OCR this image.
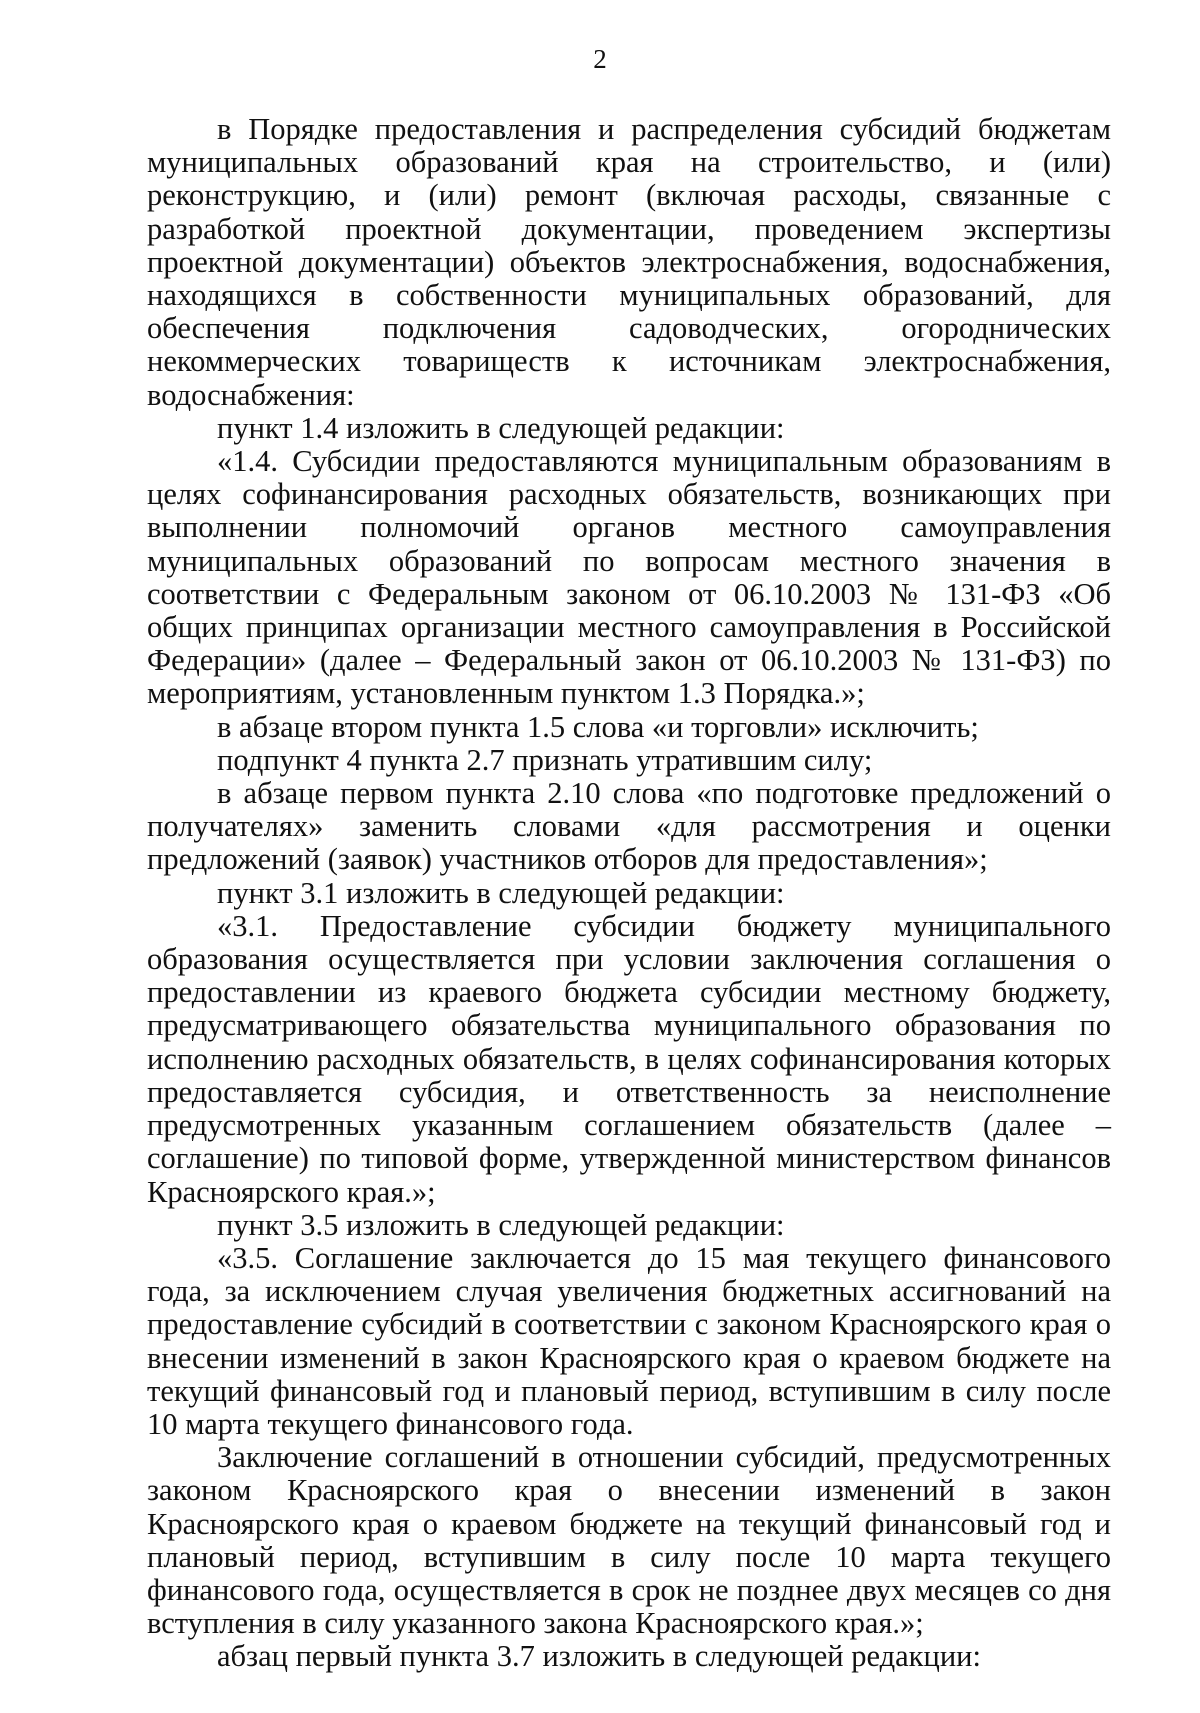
2

в Порядке предоставления и распределения субсидий бюджетам муниципальных образований края на строительство, и (или) реконструкцию, и (или) ремонт (включая расходы, связанные с разработкой проектной документации, проведением экспертизы проектной документации) объектов электроснабжения, водоснабжения, находящихся в собственности муниципальных образований, для обеспечения подключения садоводческих, огороднических некоммерческих товариществ к источникам электроснабжения, водоснабжения:

пункт 1.4 изложить в следующей редакции:

«1.4. Субсидии предоставляются муниципальным образованиям в целях софинансирования расходных обязательств, возникающих при выполнении полномочий органов местного самоуправления муниципальных образований по вопросам местного значения в соответствии с Федеральным законом от 06.10.2003 № 131-ФЗ «Об общих принципах организации местного самоуправления в Российской Федерации» (далее – Федеральный закон от 06.10.2003 № 131-ФЗ) по мероприятиям, установленным пунктом 1.3 Порядка.»;

в абзаце втором пункта 1.5 слова «и торговли» исключить;

подпункт 4 пункта 2.7 признать утратившим силу;

в абзаце первом пункта 2.10 слова «по подготовке предложений о получателях» заменить словами «для рассмотрения и оценки предложений (заявок) участников отборов для предоставления»;

пункт 3.1 изложить в следующей редакции:

«3.1. Предоставление субсидии бюджету муниципального образования осуществляется при условии заключения соглашения о предоставлении из краевого бюджета субсидии местному бюджету, предусматривающего обязательства муниципального образования по исполнению расходных обязательств, в целях софинансирования которых предоставляется субсидия, и ответственность за неисполнение предусмотренных указанным соглашением обязательств (далее – соглашение) по типовой форме, утвержденной министерством финансов Красноярского края.»;

пункт 3.5 изложить в следующей редакции:

«3.5. Соглашение заключается до 15 мая текущего финансового года, за исключением случая увеличения бюджетных ассигнований на предоставление субсидий в соответствии с законом Красноярского края о внесении изменений в закон Красноярского края о краевом бюджете на текущий финансовый год и плановый период, вступившим в силу после 10 марта текущего финансового года.

Заключение соглашений в отношении субсидий, предусмотренных законом Красноярского края о внесении изменений в закон Красноярского края о краевом бюджете на текущий финансовый год и плановый период, вступившим в силу после 10 марта текущего финансового года, осуществляется в срок не позднее двух месяцев со дня вступления в силу указанного закона Красноярского края.»;

абзац первый пункта 3.7 изложить в следующей редакции:
